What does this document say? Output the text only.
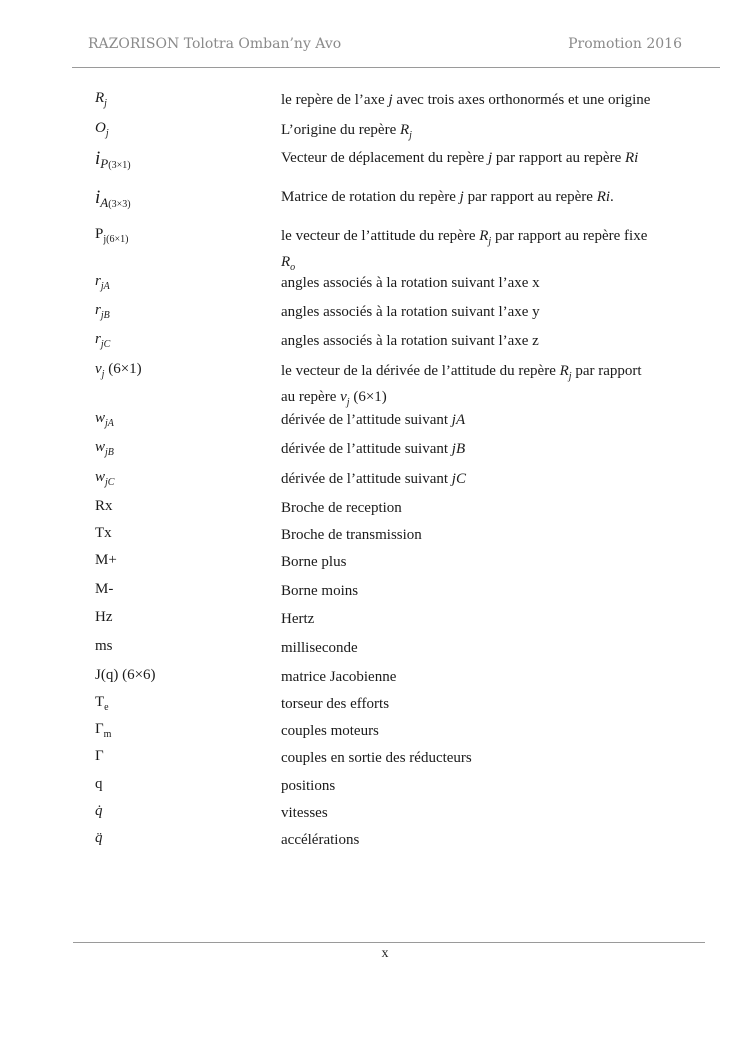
RAZORISON Tolotra Omban’ny Avo	Promotion 2016
$R_j$	le repère de l’axe j avec trois axes orthonormés et une origine
$O_j$	L’origine du repère $R_j$
$i_{P(3\times 1)}$	Vecteur de déplacement du repère j par rapport au repère Ri
$i_{A(3\times 3)}$	Matrice de rotation du repère j par rapport au repère Ri.
$P_{j(6\times 1)}$	le vecteur de l’attitude du repère $R_j$ par rapport au repère fixe $R_o$
$r_{jA}$	angles associés à la rotation suivant l’axe x
$r_{jB}$	angles associés à la rotation suivant l’axe y
$r_{jC}$	angles associés à la rotation suivant l’axe z
$v_j$ (6×1)	le vecteur de la dérivée de l’attitude du repère $R_j$ par rapport au repère $v_j$ (6×1)
$w_{jA}$	dérivée de l’attitude suivant jA
$w_{jB}$	dérivée de l’attitude suivant jB
$w_{jC}$	dérivée de l’attitude suivant jC
Rx	Broche de reception
Tx	Broche de transmission
M+	Borne plus
M-	Borne moins
Hz	Hertz
ms	milliseconde
J(q) (6×6)	matrice Jacobienne
$T_e$	torseur des efforts
$\Gamma_m$	couples moteurs
Γ	couples en sortie des réducteurs
q	positions
q̇	vitesses
q̈	accélérations
x
